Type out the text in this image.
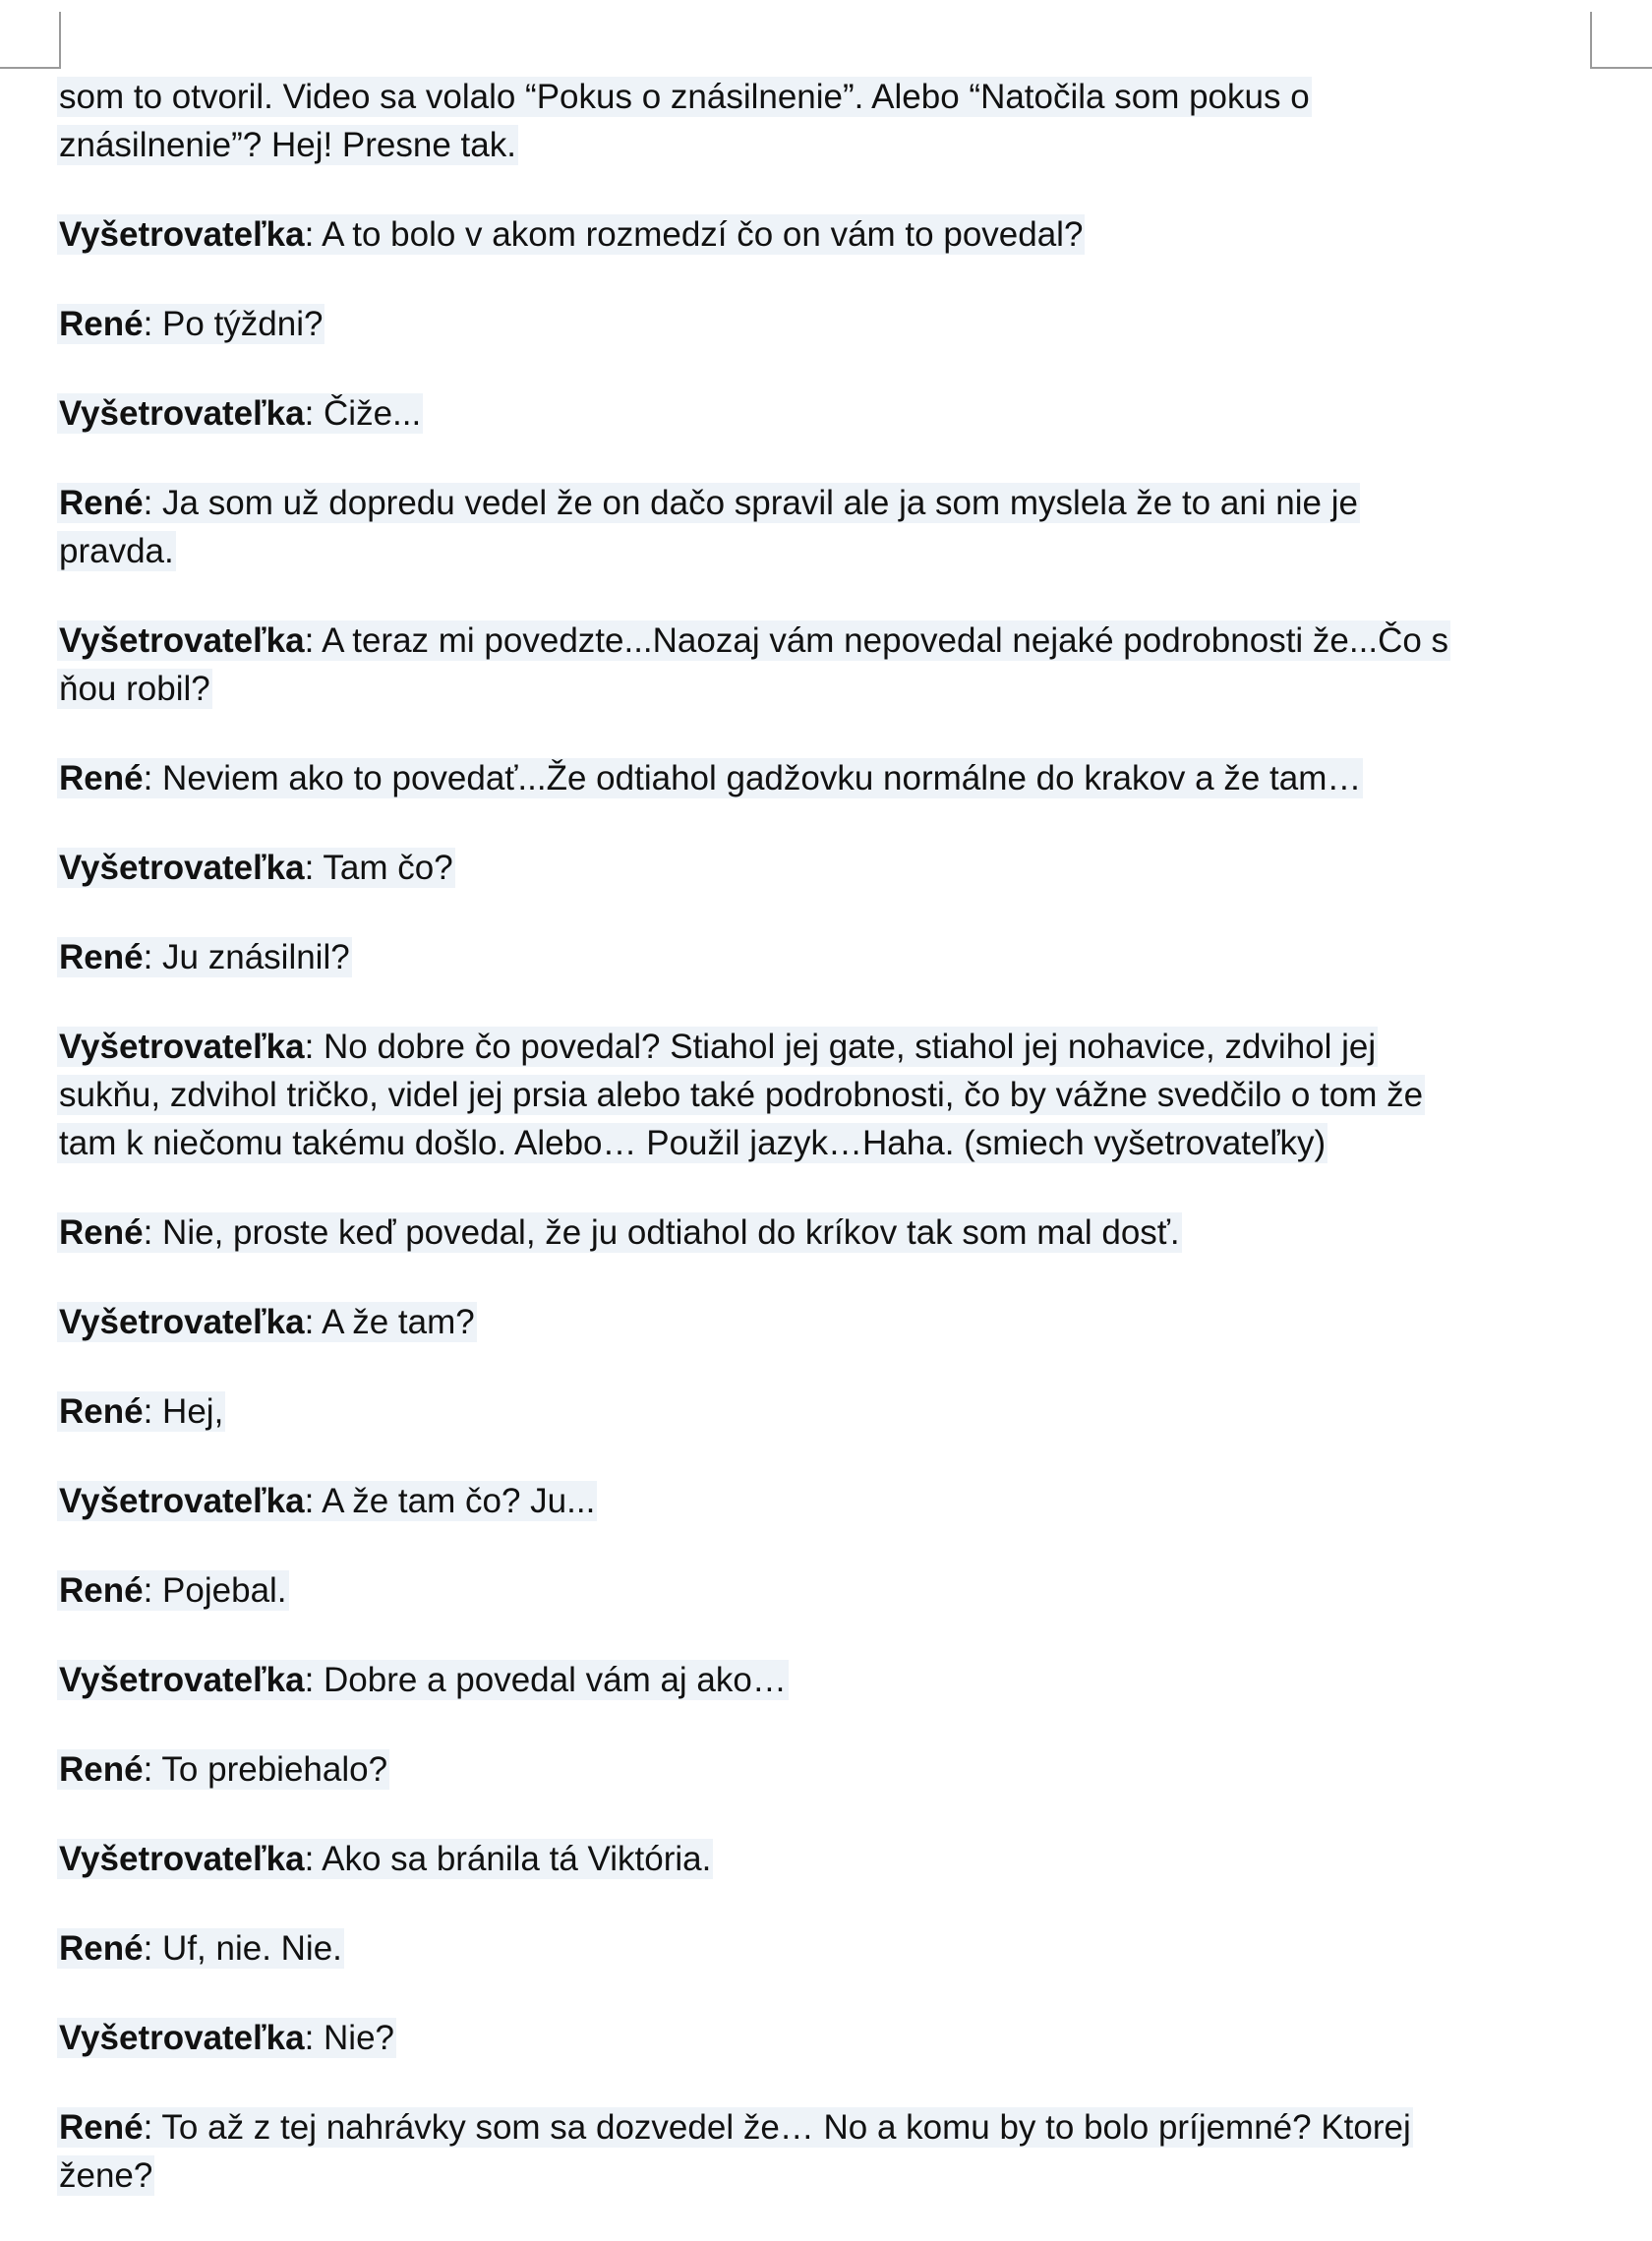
som to otvoril. Video sa volalo “Pokus o znásilnenie”. Alebo “Natočila som pokus o
znásilnenie”? Hej! Presne tak.

Vyšetrovateľka: A to bolo v akom rozmedzí čo on vám to povedal?

René: Po týždni?

Vyšetrovateľka: Čiže...

René: Ja som už dopredu vedel že on dačo spravil ale ja som myslela že to ani nie je
pravda.

Vyšetrovateľka: A teraz mi povedzte...Naozaj vám nepovedal nejaké podrobnosti že...Čo s
ňou robil?

René: Neviem ako to povedať...Že odtiahol gadžovku normálne do krakov a že tam…

Vyšetrovateľka: Tam čo?

René: Ju znásilnil?

Vyšetrovateľka: No dobre čo povedal? Stiahol jej gate, stiahol jej nohavice, zdvihol jej
sukňu, zdvihol tričko, videl jej prsia alebo také podrobnosti, čo by vážne svedčilo o tom že
tam k niečomu takému došlo. Alebo… Použil jazyk…Haha. (smiech vyšetrovateľky)

René: Nie, proste keď povedal, že ju odtiahol do kríkov tak som mal dosť.

Vyšetrovateľka: A že tam?

René: Hej,

Vyšetrovateľka: A že tam čo? Ju...

René: Pojebal.

Vyšetrovateľka: Dobre a povedal vám aj ako…

René: To prebiehalo?

Vyšetrovateľka: Ako sa bránila tá Viktória.

René: Uf, nie. Nie.

Vyšetrovateľka: Nie?

René: To až z tej nahrávky som sa dozvedel že… No a komu by to bolo príjemné? Ktorej
žene?
